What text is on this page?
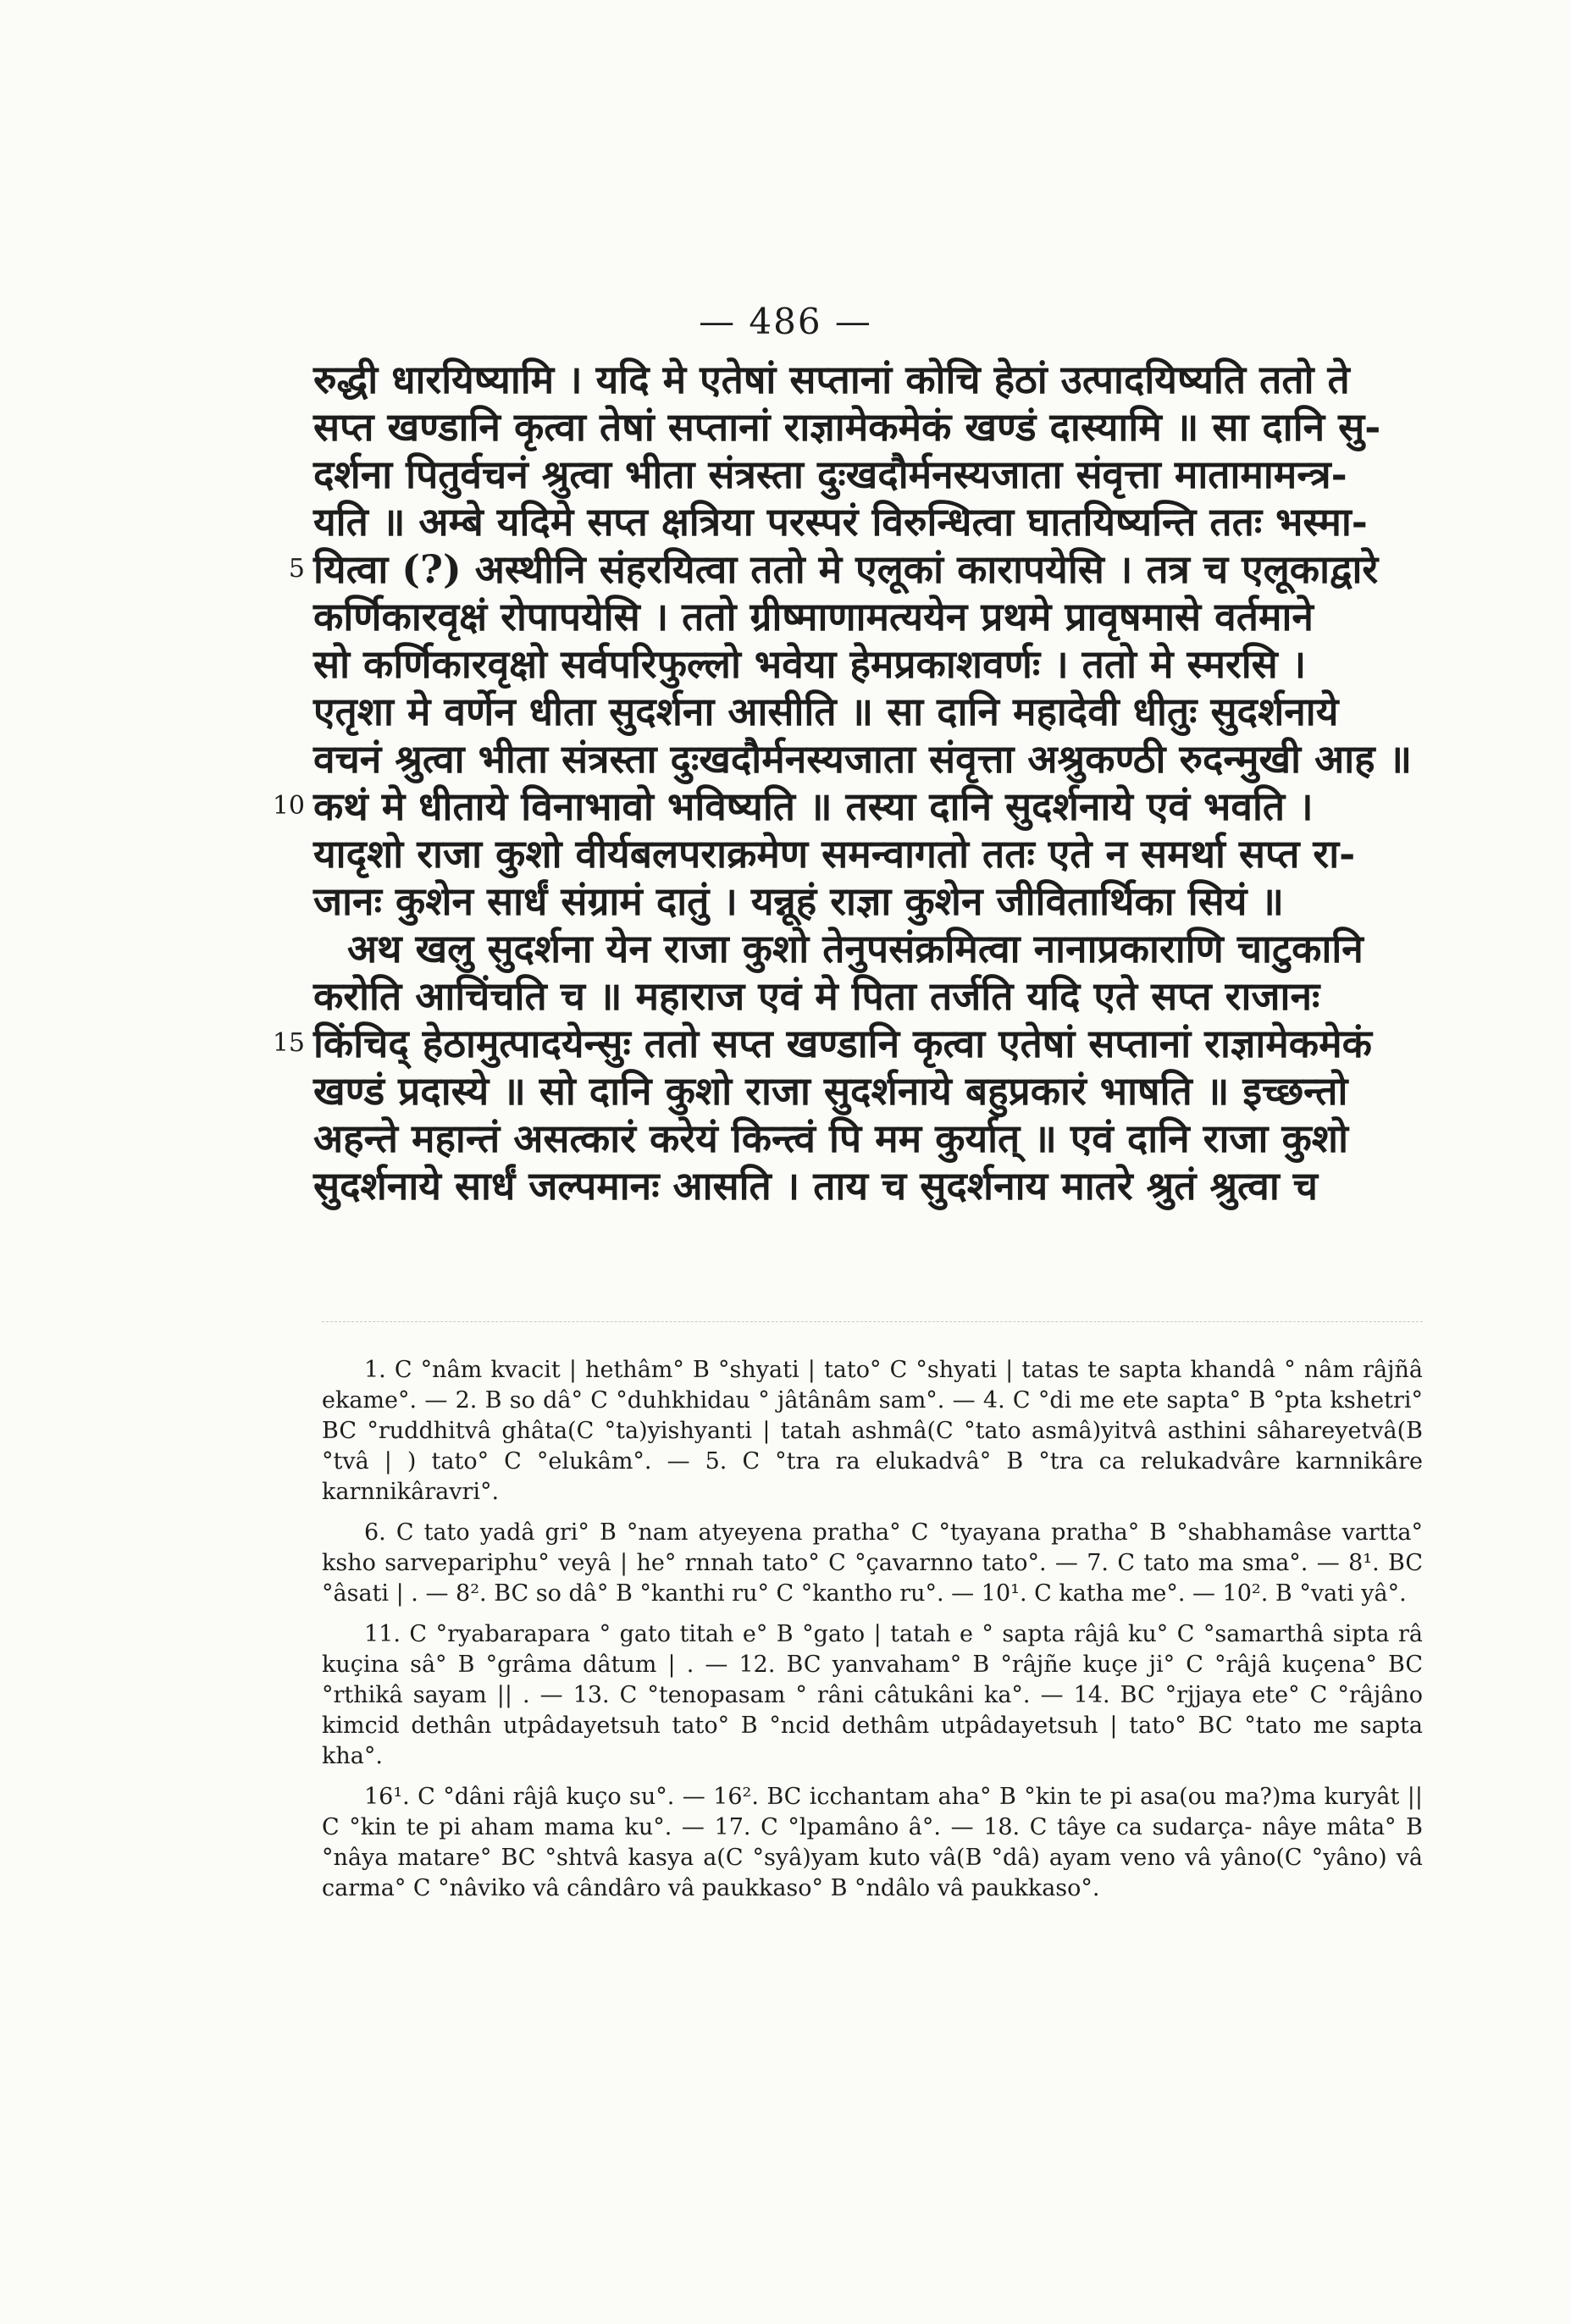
— 486 —
रुद्धी धारयिष्यामि । यदि मे एतेषां सप्तानां कोचि हेठां उत्पादयिष्यति ततो ते
सप्त खण्डानि कृत्वा तेषां सप्तानां राज्ञामेकमेकं खण्डं दास्यामि ॥ सा दानि सु-
दर्शना पितुर्वचनं श्रुत्वा भीता संत्रस्ता दुःखदौर्मनस्यजाता संवृत्ता मातामामन्त्र-
यति ॥ अम्बे यदिमे सप्त क्षत्रिया परस्परं विरुन्धित्वा घातयिष्यन्ति ततः भस्मा-
5 यित्वा (?) अस्थीनि संहरयित्वा ततो मे एलूकां कारापयेसि । तत्र च एलूकाद्वारे
कर्णिकारवृक्षं रोपापयेसि । ततो ग्रीष्माणामत्ययेन प्रथमे प्रावृषमासे वर्तमाने
सो कर्णिकारवृक्षो सर्वपरिफुल्लो भवेया हेमप्रकाशवर्णः । ततो मे स्मरसि ।
एतृशा मे वर्णेन धीता सुदर्शना आसीति ॥ सा दानि महादेवी धीतुः सुदर्शनाये
वचनं श्रुत्वा भीता संत्रस्ता दुःखदौर्मनस्यजाता संवृत्ता अश्रुकण्ठी रुदन्मुखी आह ॥
10 कथं मे धीताये विनाभावो भविष्यति ॥ तस्या दानि सुदर्शनाये एवं भवति ।
यादृशो राजा कुशो वीर्यबलपराक्रमेण समन्वागतो ततः एते न समर्था सप्त रा-
जानः कुशेन सार्धं संग्रामं दातुं । यन्नूहं राज्ञा कुशेन जीवितार्थिका सियं ॥
अथ खलु सुदर्शना येन राजा कुशो तेनुपसंक्रमित्वा नानाप्रकाराणि चाटुकानि
करोति आचिंचति च ॥ महाराज एवं मे पिता तर्जति यदि एते सप्त राजानः
15 किंचिद् हेठामुत्पादयेन्सुः ततो सप्त खण्डानि कृत्वा एतेषां सप्तानां राज्ञामेकमेकं
खण्डं प्रदास्ये ॥ सो दानि कुशो राजा सुदर्शनाये बहुप्रकारं भाषति ॥ इच्छन्तो
अहन्ते महान्तं असत्कारं करेयं किन्त्वं पि मम कुर्यात् ॥ एवं दानि राजा कुशो
सुदर्शनाये सार्धं जल्पमानः आसति । ताय च सुदर्शनाय मातरे श्रुतं श्रुत्वा च

1. C °nâm kvacit | hethâm° B °shyati | tato° C °shyati | tatas te sapta khandâ ° nâm râjñâ ekame°. — 2. B so dâ° C °duhkhidau ° jâtânâm sam°. — 4. C °di me ete sapta° B °pta kshetri° BC °ruddhitvâ ghâta(C °ta)yishyanti | tatah ashmâ(C °tato asmâ)yitvâ asthini sâhareyetvâ(B °tvâ | ) tato° C °elukâm°. — 5. C °tra ra elukadvâ° B °tra ca relukadvâre karnnikâre karnnikâravri°.

6. C tato yadâ gri° B °nam atyeyena pratha° C °tyayana pratha° B °shabhamâse vartta° ksho sarvepariphu° veyâ | he° rnnah tato° C °çavarnno tato°. — 7. C tato ma sma°. — 8¹. BC °âsati | . — 8². BC so dâ° B °kanthi ru° C °kantho ru°. — 10¹. C katha me°. — 10². B °vati yâ°.

11. C °ryabarapara ° gato titah e° B °gato | tatah e ° sapta râjâ ku° C °samarthâ sipta râ kuçina sâ° B °grâma dâtum | . — 12. BC yanvaham° B °râjñe kuçe ji° C °râjâ kuçena° BC °rthikâ sayam || . — 13. C °tenopasam ° râni câtukâni ka°. — 14. BC °rjjaya ete° C °râjâno kimcid dethân utpâdayetsuh tato° B °ncid dethâm utpâdayetsuh | tato° BC °tato me sapta kha°.

16¹. C °dâni râjâ kuço su°. — 16². BC icchantam aha° B °kin te pi asa(ou ma?)ma kuryât || C °kin te pi aham mama ku°. — 17. C °lpamâno â°. — 18. C tâye ca sudarça- nâye mâta° B °nâya matare° BC °shtvâ kasya a(C °syâ)yam kuto vâ(B °dâ) ayam veno vâ yâno(C °yâno) vâ carma° C °nâviko vâ cândâro vâ paukkaso° B °ndâlo vâ paukkaso°.
